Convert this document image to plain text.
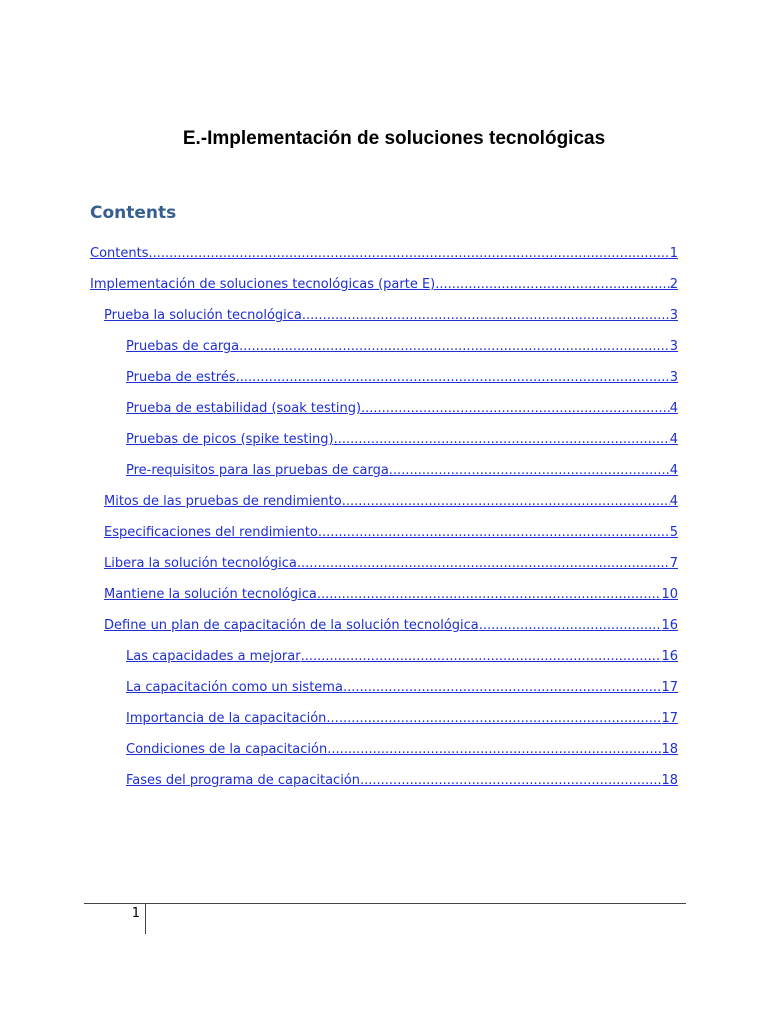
E.-Implementación de soluciones tecnológicas
Contents
Contents .....	1
Implementación de soluciones tecnológicas (parte E) .....	2
Prueba la solución tecnológica .....	3
Pruebas de carga .....	3
Prueba de estrés .....	3
Prueba de estabilidad (soak testing) .....	4
Pruebas de picos (spike testing) .....	4
Pre-requisitos para las pruebas de carga .....	4
Mitos de las pruebas de rendimiento .....	4
Especificaciones del rendimiento .....	5
Libera la solución tecnológica .....	7
Mantiene la solución tecnológica .....	10
Define un plan de capacitación de la solución tecnológica .....	16
Las capacidades a mejorar .....	16
La capacitación como un sistema .....	17
Importancia de la capacitación .....	17
Condiciones de la capacitación .....	18
Fases del programa de capacitación .....	18
1
